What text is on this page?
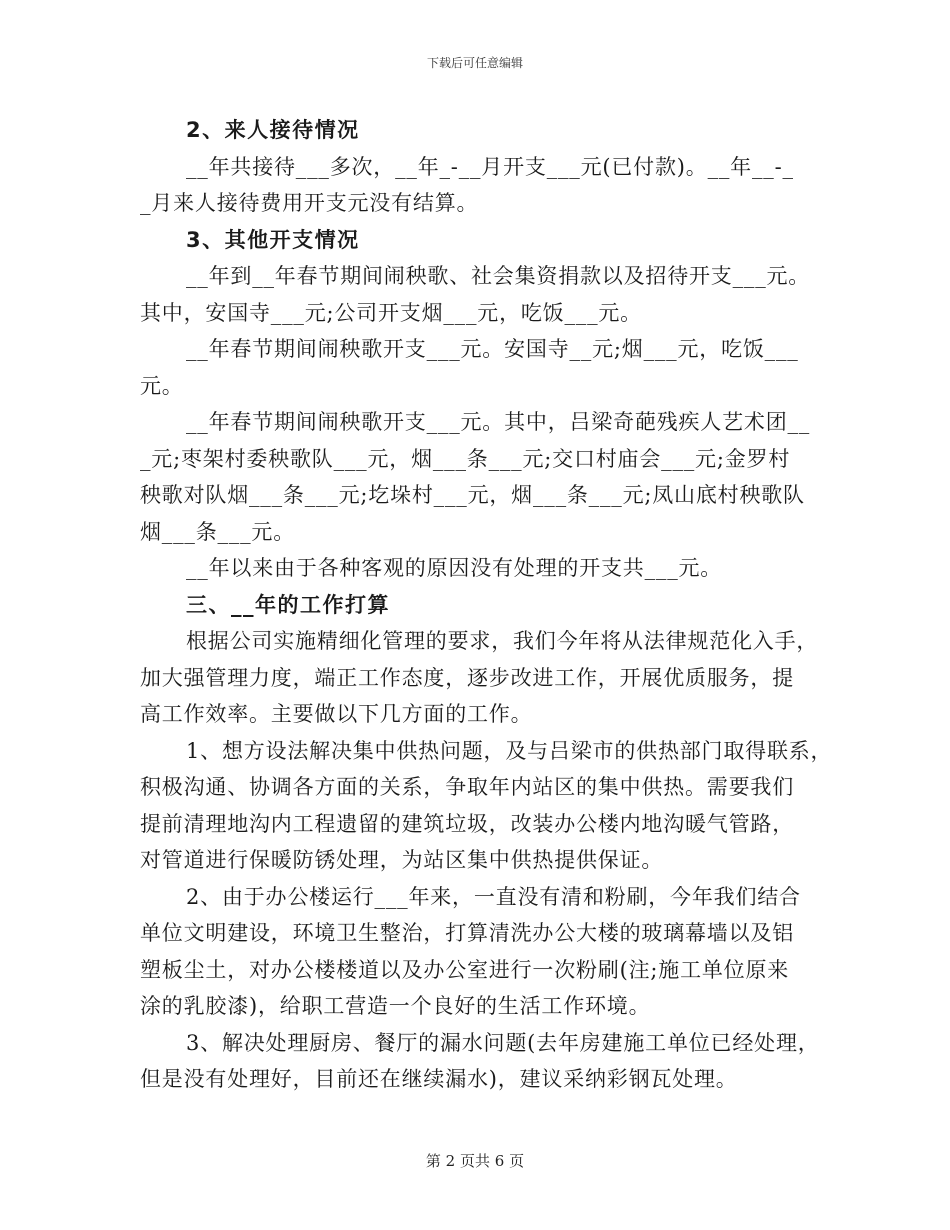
下载后可任意编辑
2、来人接待情况
__年共接待___多次，__年_-__月开支___元(已付款)。__年__-_
_月来人接待费用开支元没有结算。
3、其他开支情况
__年到__年春节期间闹秧歌、社会集资捐款以及招待开支___元。
其中，安国寺___元;公司开支烟___元，吃饭___元。
__年春节期间闹秧歌开支___元。安国寺__元;烟___元，吃饭___
元。
__年春节期间闹秧歌开支___元。其中，吕梁奇葩残疾人艺术团__
_元;枣架村委秧歌队___元，烟___条___元;交口村庙会___元;金罗村
秧歌对队烟___条___元;圪垛村___元，烟___条___元;凤山底村秧歌队
烟___条___元。
__年以来由于各种客观的原因没有处理的开支共___元。
三、__年的工作打算
根据公司实施精细化管理的要求，我们今年将从法律规范化入手，
加大强管理力度，端正工作态度，逐步改进工作，开展优质服务，提
高工作效率。主要做以下几方面的工作。
1、想方设法解决集中供热问题，及与吕梁市的供热部门取得联系，
积极沟通、协调各方面的关系，争取年内站区的集中供热。需要我们
提前清理地沟内工程遗留的建筑垃圾，改装办公楼内地沟暖气管路，
对管道进行保暖防锈处理，为站区集中供热提供保证。
2、由于办公楼运行___年来，一直没有清和粉刷，今年我们结合
单位文明建设，环境卫生整治，打算清洗办公大楼的玻璃幕墙以及铝
塑板尘土，对办公楼楼道以及办公室进行一次粉刷(注;施工单位原来
涂的乳胶漆)，给职工营造一个良好的生活工作环境。
3、解决处理厨房、餐厅的漏水问题(去年房建施工单位已经处理，
但是没有处理好，目前还在继续漏水)，建议采纳彩钢瓦处理。
第 2 页共 6 页
